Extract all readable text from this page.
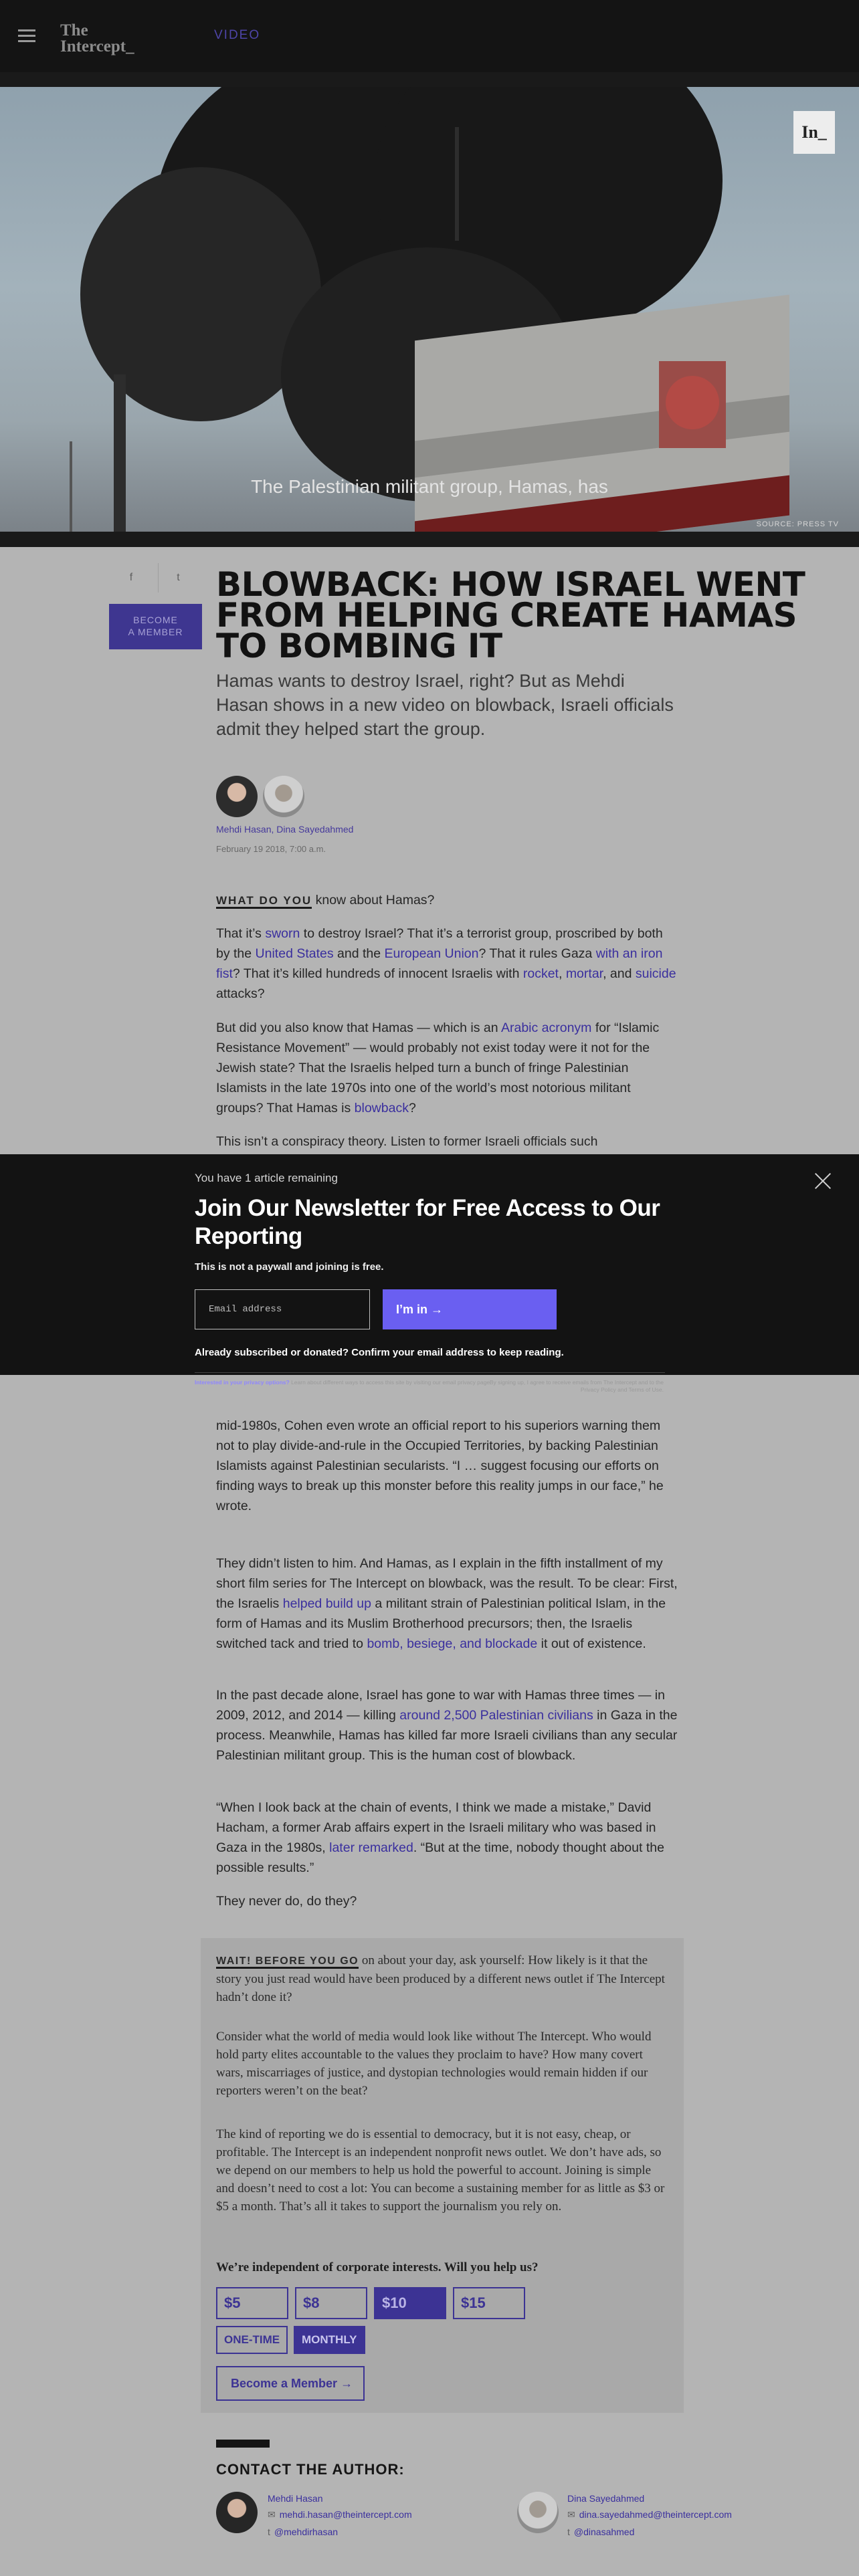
The
Intercept_
VIDEO
The Palestinian militant group, Hamas, has
SOURCE: PRESS TV
In_
f	t
BECOME
A MEMBER
BLOWBACK: HOW ISRAEL WENT FROM HELPING CREATE HAMAS TO BOMBING IT
Hamas wants to destroy Israel, right? But as Mehdi Hasan shows in a new video on blowback, Israeli officials admit they helped start the group.
Mehdi Hasan, Dina Sayedahmed
February 19 2018, 7:00 a.m.
WHAT DO YOU know about Hamas?
That it’s sworn to destroy Israel? That it’s a terrorist group, proscribed by both by the United States and the European Union? That it rules Gaza with an iron fist? That it’s killed hundreds of innocent Israelis with rocket, mortar, and suicide attacks?
But did you also know that Hamas — which is an Arabic acronym for “Islamic Resistance Movement” — would probably not exist today were it not for the Jewish state? That the Israelis helped turn a bunch of fringe Palestinian Islamists in the late 1970s into one of the world’s most notorious militant groups? That Hamas is blowback?
This isn’t a conspiracy theory. Listen to former Israeli officials such
mid-1980s, Cohen even wrote an official report to his superiors warning them not to play divide-and-rule in the Occupied Territories, by backing Palestinian Islamists against Palestinian secularists. “I … suggest focusing our efforts on finding ways to break up this monster before this reality jumps in our face,” he wrote.
They didn’t listen to him. And Hamas, as I explain in the fifth installment of my short film series for The Intercept on blowback, was the result. To be clear: First, the Israelis helped build up a militant strain of Palestinian political Islam, in the form of Hamas and its Muslim Brotherhood precursors; then, the Israelis switched tack and tried to bomb, besiege, and blockade it out of existence.
In the past decade alone, Israel has gone to war with Hamas three times — in 2009, 2012, and 2014 — killing around 2,500 Palestinian civilians in Gaza in the process. Meanwhile, Hamas has killed far more Israeli civilians than any secular Palestinian militant group. This is the human cost of blowback.
“When I look back at the chain of events, I think we made a mistake,” David Hacham, a former Arab affairs expert in the Israeli military who was based in Gaza in the 1980s, later remarked. “But at the time, nobody thought about the possible results.”
They never do, do they?
You have 1 article remaining
Join Our Newsletter for Free Access to Our Reporting
This is not a paywall and joining is free.
Email address
I’m in →
Already subscribed or donated? Confirm your email address to keep reading.
Interested in your privacy options? Learn about different ways to access this site by visiting our email privacy page.
By signing up, I agree to receive emails from The Intercept and to the Privacy Policy and Terms of Use.
WAIT! BEFORE YOU GO on about your day, ask yourself: How likely is it that the story you just read would have been produced by a different news outlet if The Intercept hadn’t done it?
Consider what the world of media would look like without The Intercept. Who would hold party elites accountable to the values they proclaim to have? How many covert wars, miscarriages of justice, and dystopian technologies would remain hidden if our reporters weren’t on the beat?
The kind of reporting we do is essential to democracy, but it is not easy, cheap, or profitable. The Intercept is an independent nonprofit news outlet. We don’t have ads, so we depend on our members to help us hold the powerful to account. Joining is simple and doesn’t need to cost a lot: You can become a sustaining member for as little as $3 or $5 a month. That’s all it takes to support the journalism you rely on.
We’re independent of corporate interests. Will you help us?
$5	$8	$10	$15
ONE-TIME	MONTHLY
Become a Member →
CONTACT THE AUTHOR:
Mehdi Hasan
✉ mehdi.hasan@theintercept.com
t @mehdirhasan
Dina Sayedahmed
✉ dina.sayedahmed@theintercept.com
t @dinasahmed
